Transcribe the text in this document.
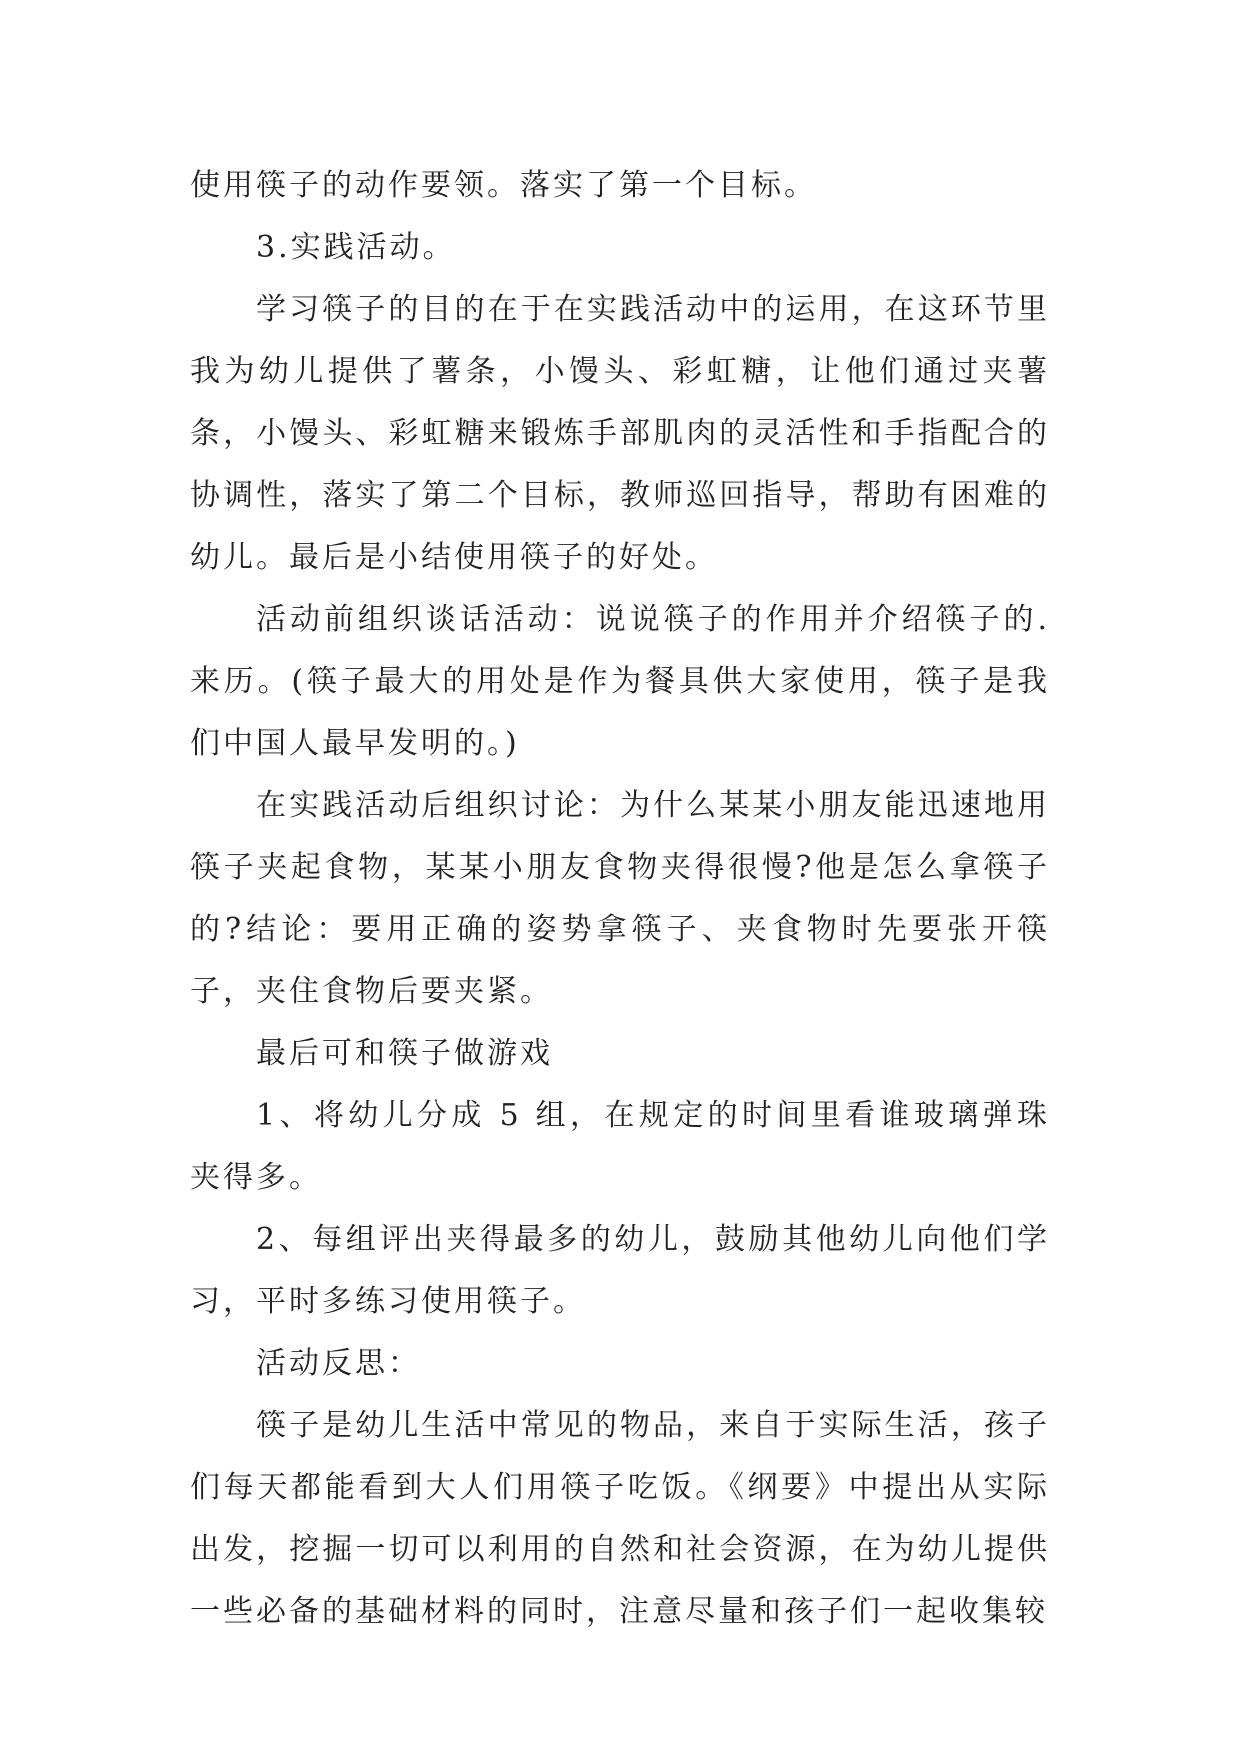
使用筷子的动作要领。落实了第一个目标。

3.实践活动。

学习筷子的目的在于在实践活动中的运用，在这环节里我为幼儿提供了薯条，小馒头、彩虹糖，让他们通过夹薯条，小馒头、彩虹糖来锻炼手部肌肉的灵活性和手指配合的协调性，落实了第二个目标，教师巡回指导，帮助有困难的幼儿。最后是小结使用筷子的好处。

活动前组织谈话活动：说说筷子的作用并介绍筷子的.来历。(筷子最大的用处是作为餐具供大家使用，筷子是我们中国人最早发明的。)

在实践活动后组织讨论：为什么某某小朋友能迅速地用筷子夹起食物，某某小朋友食物夹得很慢?他是怎么拿筷子的?结论：要用正确的姿势拿筷子、夹食物时先要张开筷子，夹住食物后要夹紧。

最后可和筷子做游戏

1、将幼儿分成 5 组，在规定的时间里看谁玻璃弹珠夹得多。

2、每组评出夹得最多的幼儿，鼓励其他幼儿向他们学习，平时多练习使用筷子。

活动反思：

筷子是幼儿生活中常见的物品，来自于实际生活，孩子们每天都能看到大人们用筷子吃饭。《纲要》中提出从实际出发，挖掘一切可以利用的自然和社会资源，在为幼儿提供一些必备的基础材料的同时，注意尽量和孩子们一起收集较
